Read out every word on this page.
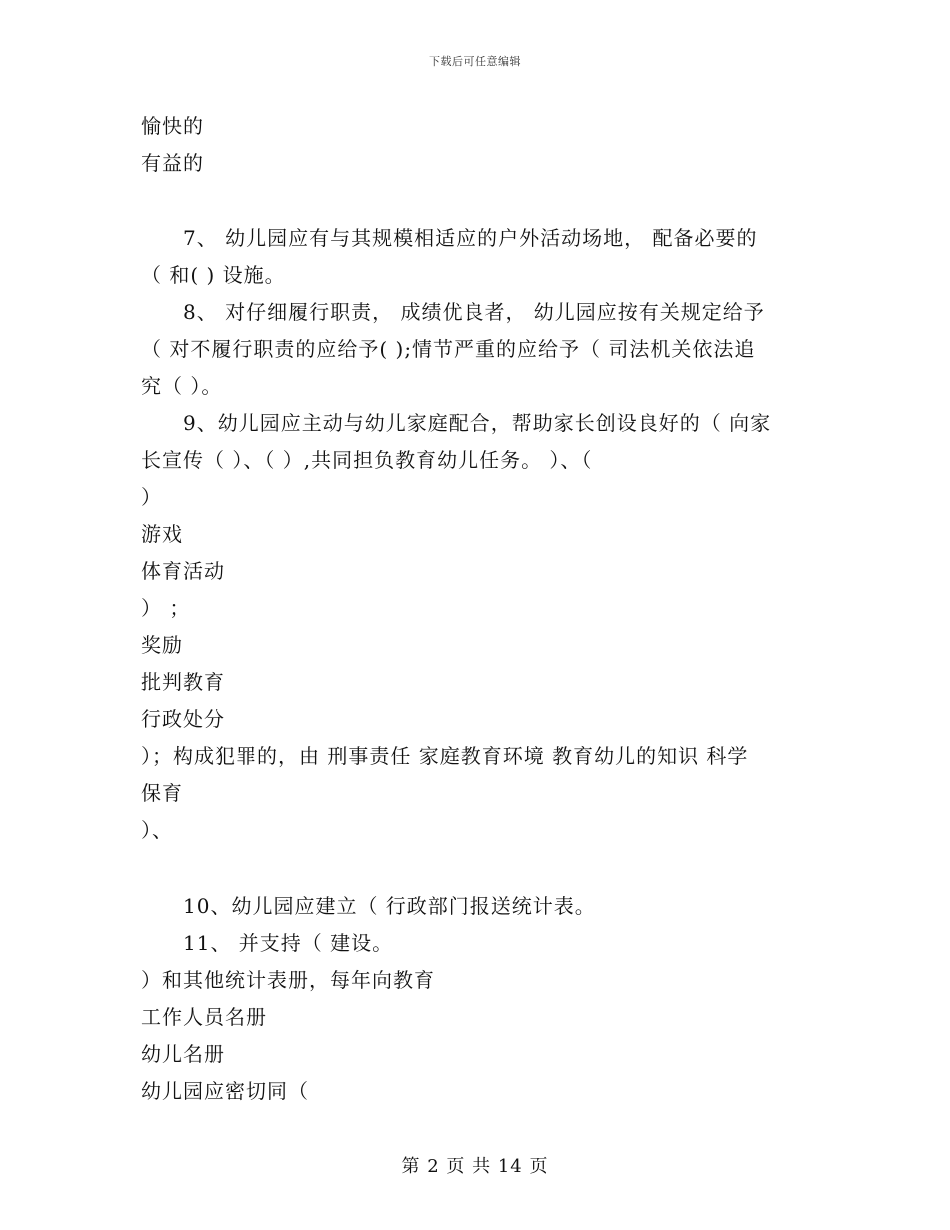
下载后可任意编辑
愉快的
有益的
7、 幼儿园应有与其规模相适应的户外活动场地， 配备必要的
（ 和( ) 设施。
8、 对仔细履行职责， 成绩优良者， 幼儿园应按有关规定给予
（ 对不履行职责的应给予( );情节严重的应给予（ 司法机关依法追
究（ ）。
9、幼儿园应主动与幼儿家庭配合，帮助家长创设良好的（ 向家
长宣传（ ）、（ ）,共同担负教育幼儿任务。 ）、（
）
游戏
体育活动
） ；
奖励
批判教育
行政处分
）；构成犯罪的，由 刑事责任 家庭教育环境 教育幼儿的知识 科学
保育
）、
10、幼儿园应建立（ 行政部门报送统计表。
11、 并支持（ 建设。
）和其他统计表册，每年向教育
工作人员名册
幼儿名册
幼儿园应密切同（
第 2 页 共 14 页
